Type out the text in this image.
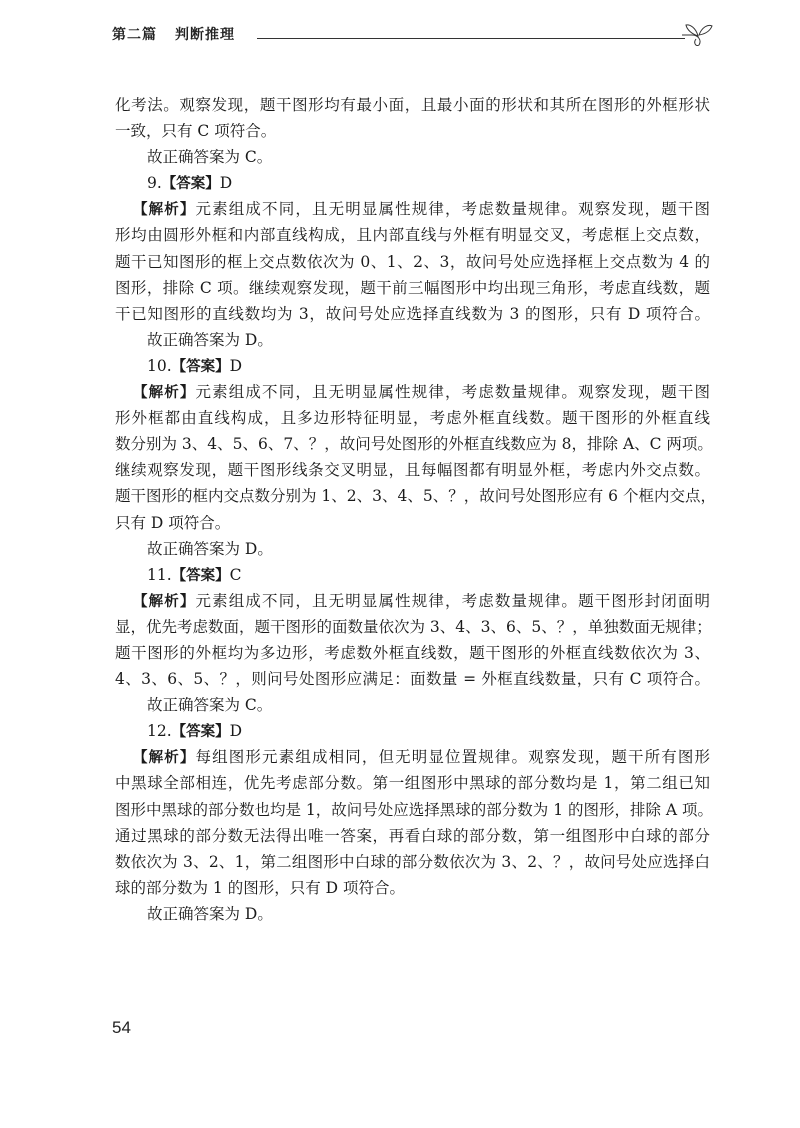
第二篇 判断推理
化考法。观察发现，题干图形均有最小面，且最小面的形状和其所在图形的外框形状
一致，只有 C 项符合。
故正确答案为 C。
9.【答案】D
【解析】元素组成不同，且无明显属性规律，考虑数量规律。观察发现，题干图
形均由圆形外框和内部直线构成，且内部直线与外框有明显交叉，考虑框上交点数，
题干已知图形的框上交点数依次为 0、1、2、3，故问号处应选择框上交点数为 4 的
图形，排除 C 项。继续观察发现，题干前三幅图形中均出现三角形，考虑直线数，题
干已知图形的直线数均为 3，故问号处应选择直线数为 3 的图形，只有 D 项符合。
故正确答案为 D。
10.【答案】D
【解析】元素组成不同，且无明显属性规律，考虑数量规律。观察发现，题干图
形外框都由直线构成，且多边形特征明显，考虑外框直线数。题干图形的外框直线
数分别为 3、4、5、6、7、？，故问号处图形的外框直线数应为 8，排除 A、C 两项。
继续观察发现，题干图形线条交叉明显，且每幅图都有明显外框，考虑内外交点数。
题干图形的框内交点数分别为 1、2、3、4、5、？，故问号处图形应有 6 个框内交点，
只有 D 项符合。
故正确答案为 D。
11.【答案】C
【解析】元素组成不同，且无明显属性规律，考虑数量规律。题干图形封闭面明
显，优先考虑数面，题干图形的面数量依次为 3、4、3、6、5、？，单独数面无规律；
题干图形的外框均为多边形，考虑数外框直线数，题干图形的外框直线数依次为 3、
4、3、6、5、？，则问号处图形应满足：面数量 = 外框直线数量，只有 C 项符合。
故正确答案为 C。
12.【答案】D
【解析】每组图形元素组成相同，但无明显位置规律。观察发现，题干所有图形
中黑球全部相连，优先考虑部分数。第一组图形中黑球的部分数均是 1，第二组已知
图形中黑球的部分数也均是 1，故问号处应选择黑球的部分数为 1 的图形，排除 A 项。
通过黑球的部分数无法得出唯一答案，再看白球的部分数，第一组图形中白球的部分
数依次为 3、2、1，第二组图形中白球的部分数依次为 3、2、？，故问号处应选择白
球的部分数为 1 的图形，只有 D 项符合。
故正确答案为 D。
54
